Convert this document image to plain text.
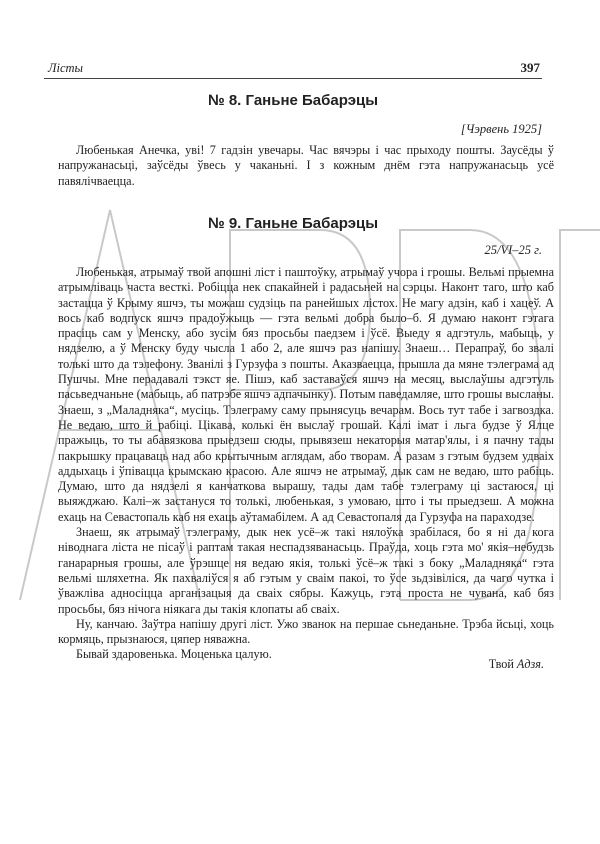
Лісты	397
№ 8. Ганьне Бабарэцы
[Чэрвень 1925]

Любенькая Анечка, уві! 7 гадзін увечары. Час вячэры і час прыходу пошты. Заусёды ў напружанасьці, заўсёды ўвесь у чаканьні. І з кожным днём гэта напружанасьць усё павялічваецца.

№ 9. Ганьне Бабарэцы
25/VI–25 г.

Любенькая, атрымаў твой апошні ліст і паштоўку, атрымаў учора і грошы. Вельмі прыемна атрымліваць часта весткі. Робіцца нек спакайней і радасьней на сэрцы. Наконт таго, што каб застацца ў Крыму яшчэ, ты можаш судзіць па ранейшых лістох. Не магу адзін, каб і хацеў. А вось каб водпуск яшчэ прадоўжыць — гэта вельмі добра было–б. Я думаю наконт гэтага прасіць сам у Менску, або зусім бяз просьбы паедзем і ўсё. Выеду я адгэтуль, мабыць, у нядзелю, а ў Менску буду чысла 1 або 2, але яшчэ раз напішу. Знаеш… Перапраў, бо звалі толькі што да тэлефону. Званілі з Гурзуфа з пошты. Аказваецца, прышла да мяне тэлеграма ад Пушчы. Мне перадавалі тэкст яе. Пішэ, каб заставаўся яшчэ на месяц, выслаўшы адгэтуль пасьведчаньне (мабыць, аб патрэбе яшчэ адпачынку). Потым паведамляе, што грошы высланы. Знаеш, з „Маладняка“, мусіць. Тэлеграму саму прынясуць вечарам. Вось тут табе і загвоздка. Не ведаю, што й рабіці. Цікава, колькі ён выслаў грошай. Калі імат і льга будзе ў Ялце пражыць, то ты абавязкова прыедзеш сюды, прывязеш некаторыя матар'ялы, і я пачну тады пакрышку працаваць над або крытычным аглядам, або творам. А разам з гэтым будзем удваіх аддыхаць і ўпівацца крымскаю красою. Але яшчэ не атрымаў, дык сам не ведаю, што рабіць. Думаю, што да нядзелі я канчаткова вырашу, тады дам табе тэлеграму ці застаюся, ці выяжджаю. Калі–ж застануся то толькі, любенькая, з умоваю, што і ты прыедзеш. А можна ехаць на Севастопаль каб ня ехаць аўтамабілем. А ад Севастопаля да Гурзуфа на параходзе.

Знаеш, як атрымаў тэлеграму, дык нек усё–ж такі нялоўка зрабілася, бо я ні да кога ніводнага ліста не пісаў і раптам такая неспадзяванасьць. Праўда, хоць гэта мо' якія–небудзь ганарарныя грошы, але ўрэшце ня ведаю якія, толькі ўсё–ж такі з боку „Маладняка“ гэта вельмі шляхетна. Як пахваліўся я аб гэтым у сваім пакоі, то ўсе зьдзівіліся, да чаго чутка і ўважліва адносіцца арганізацыя да сваіх сябры. Кажуць, гэта проста не чувана, каб бяз просьбы, бяз нічога ніякага ды такія клопаты аб сваіх.

Ну, канчаю. Заўтра напішу другі ліст. Ужо званок на першае сьнеданьне. Трэба йсьці, хоць кормяць, прызнаюся, цяпер няважна.

Бывай здаровенька. Моценька цалую.

Твой Адзя.
